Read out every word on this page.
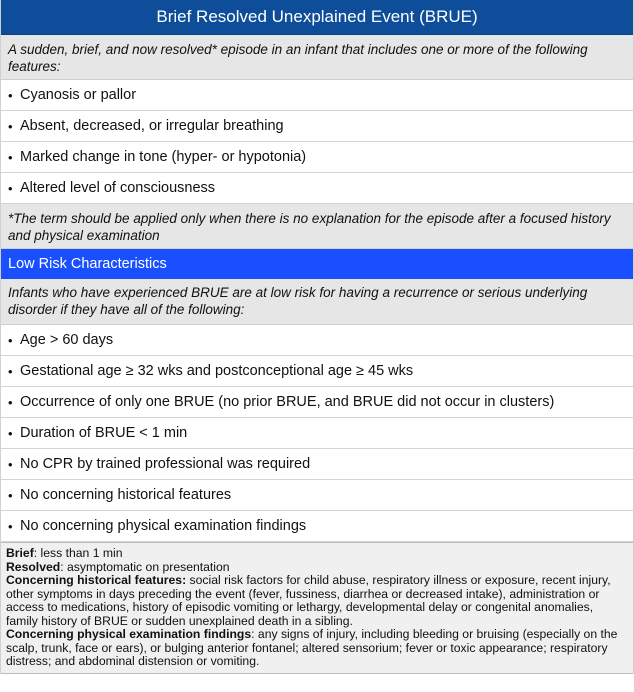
Brief Resolved Unexplained Event (BRUE)
A sudden, brief, and now resolved* episode in an infant that includes one or more of the following features:
• Cyanosis or pallor
• Absent, decreased, or irregular breathing
• Marked change in tone (hyper- or hypotonia)
• Altered level of consciousness
*The term should be applied only when there is no explanation for the episode after a focused history and physical examination
Low Risk Characteristics
Infants who have experienced BRUE are at low risk for having a recurrence or serious underlying disorder if they have all of the following:
• Age > 60 days
• Gestational age ≥ 32 wks and postconceptional age ≥ 45 wks
• Occurrence of only one BRUE (no prior BRUE, and BRUE did not occur in clusters)
• Duration of BRUE < 1 min
• No CPR by trained professional was required
• No concerning historical features
• No concerning physical examination findings
Brief: less than 1 min
Resolved: asymptomatic on presentation
Concerning historical features: social risk factors for child abuse, respiratory illness or exposure, recent injury, other symptoms in days preceding the event (fever, fussiness, diarrhea or decreased intake), administration or access to medications, history of episodic vomiting or lethargy, developmental delay or congenital anomalies, family history of BRUE or sudden unexplained death in a sibling.
Concerning physical examination findings: any signs of injury, including bleeding or bruising (especially on the scalp, trunk, face or ears), or bulging anterior fontanel; altered sensorium; fever or toxic appearance; respiratory distress; and abdominal distension or vomiting.
